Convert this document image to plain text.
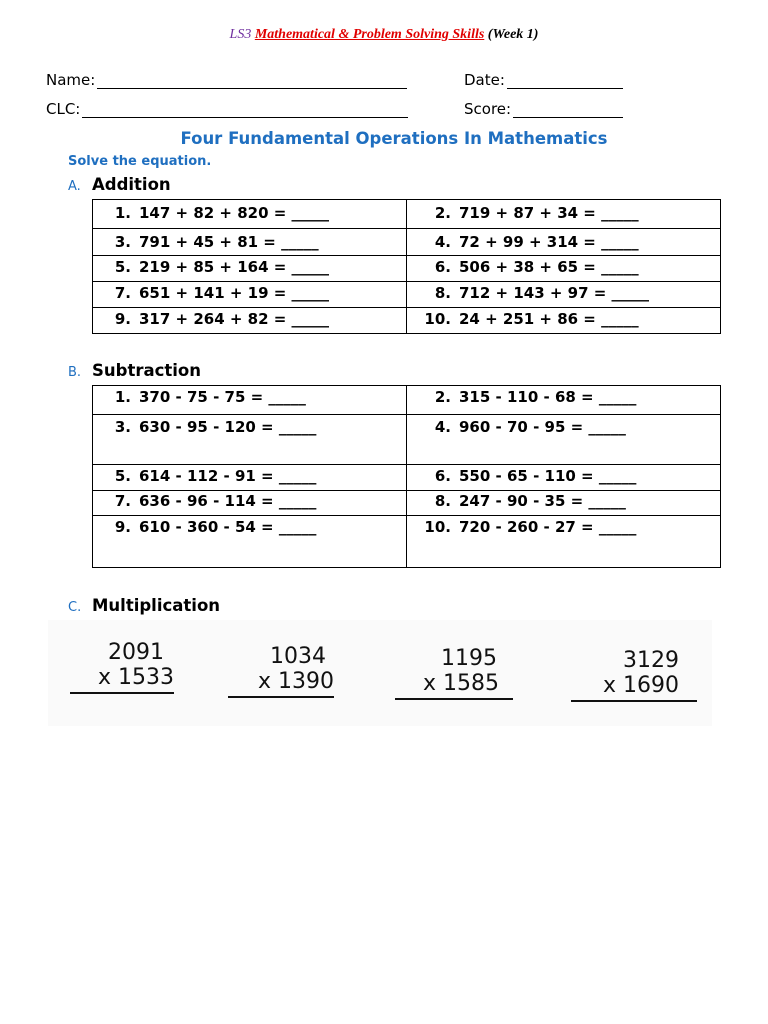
LS3 Mathematical & Problem Solving Skills (Week 1)
Name:	Date:
CLC:	Score:
Four Fundamental Operations In Mathematics
Solve the equation.
A. Addition
1. 147 + 82 + 820 = _____	2. 719 + 87 + 34 = _____

3. 791 + 45 + 81 = _____	4. 72 + 99 + 314 = _____

5. 219 + 85 + 164 = _____	6. 506 + 38 + 65 = _____

7. 651 + 141 + 19 = _____	8. 712 + 143 + 97 = _____

9. 317 + 264 + 82 = _____	10. 24 + 251 + 86 = _____
B. Subtraction
1. 370 - 75 - 75 = _____	2. 315 - 110 - 68 = _____

3. 630 - 95 - 120 = _____	4. 960 - 70 - 95 = _____

5. 614 - 112 - 91 = _____	6. 550 - 65 - 110 = _____

7. 636 - 96 - 114 = _____	8. 247 - 90 - 35 = _____

9. 610 - 360 - 54 = _____	10. 720 - 260 - 27 = _____
C. Multiplication
2091
x 1533
1034
x 1390
1195
x 1585
3129
x 1690
